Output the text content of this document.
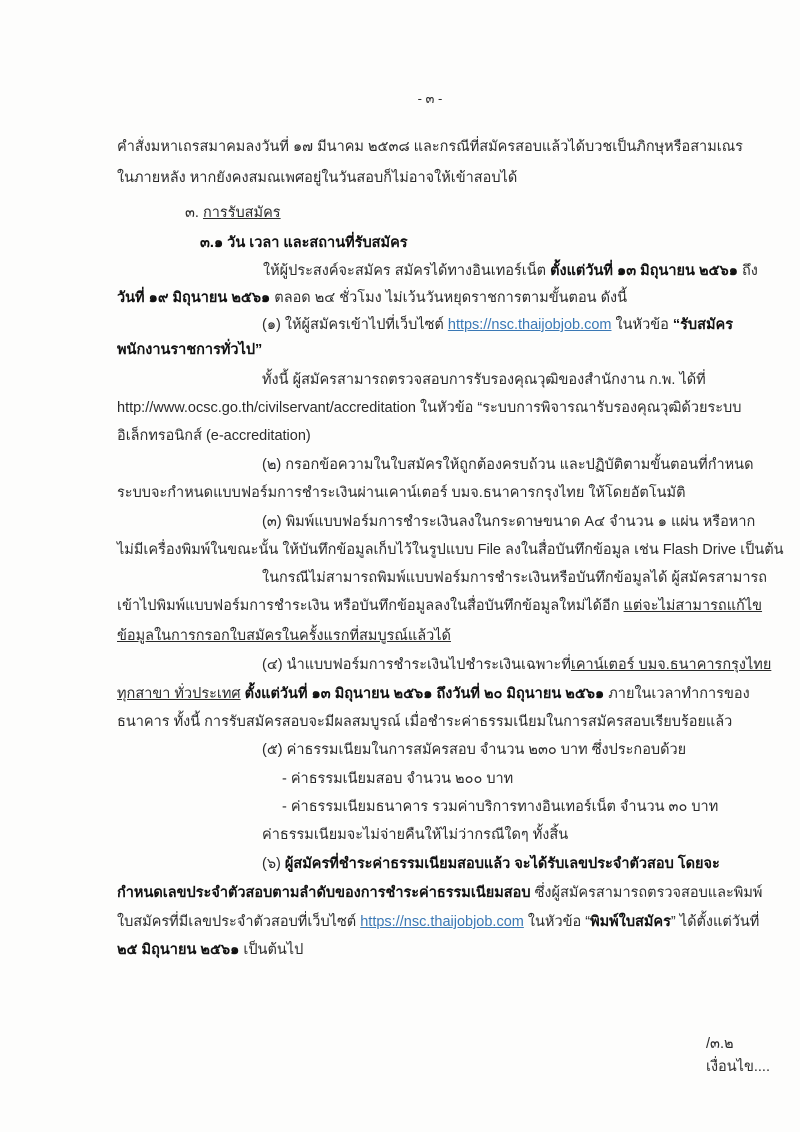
- ๓ -
คำสั่งมหาเถรสมาคมลงวันที่ ๑๗ มีนาคม ๒๕๓๘ และกรณีที่สมัครสอบแล้วได้บวชเป็นภิกษุหรือสามเณร
ในภายหลัง หากยังคงสมณเพศอยู่ในวันสอบก็ไม่อาจให้เข้าสอบได้
๓. การรับสมัคร
๓.๑ วัน เวลา และสถานที่รับสมัคร
ให้ผู้ประสงค์จะสมัคร สมัครได้ทางอินเทอร์เน็ต ตั้งแต่วันที่ ๑๓ มิถุนายน ๒๕๖๑ ถึง
วันที่ ๑๙ มิถุนายน ๒๕๖๑ ตลอด ๒๔ ชั่วโมง ไม่เว้นวันหยุดราชการตามขั้นตอน ดังนี้
(๑) ให้ผู้สมัครเข้าไปที่เว็บไซต์ https://nsc.thaijobjob.com ในหัวข้อ “รับสมัคร
พนักงานราชการทั่วไป”
ทั้งนี้ ผู้สมัครสามารถตรวจสอบการรับรองคุณวุฒิของสำนักงาน ก.พ. ได้ที่
http://www.ocsc.go.th/civilservant/accreditation ในหัวข้อ “ระบบการพิจารณารับรองคุณวุฒิด้วยระบบ
อิเล็กทรอนิกส์ (e-accreditation)
(๒) กรอกข้อความในใบสมัครให้ถูกต้องครบถ้วน และปฏิบัติตามขั้นตอนที่กำหนด
ระบบจะกำหนดแบบฟอร์มการชำระเงินผ่านเคาน์เตอร์ บมจ.ธนาคารกรุงไทย ให้โดยอัตโนมัติ
(๓) พิมพ์แบบฟอร์มการชำระเงินลงในกระดาษขนาด A๔ จำนวน ๑ แผ่น หรือหาก
ไม่มีเครื่องพิมพ์ในขณะนั้น ให้บันทึกข้อมูลเก็บไว้ในรูปแบบ File ลงในสื่อบันทึกข้อมูล เช่น Flash Drive เป็นต้น
ในกรณีไม่สามารถพิมพ์แบบฟอร์มการชำระเงินหรือบันทึกข้อมูลได้ ผู้สมัครสามารถ
เข้าไปพิมพ์แบบฟอร์มการชำระเงิน หรือบันทึกข้อมูลลงในสื่อบันทึกข้อมูลใหม่ได้อีก แต่จะไม่สามารถแก้ไข
ข้อมูลในการกรอกใบสมัครในครั้งแรกที่สมบูรณ์แล้วได้
(๔) นำแบบฟอร์มการชำระเงินไปชำระเงินเฉพาะที่เคาน์เตอร์ บมจ.ธนาคารกรุงไทย
ทุกสาขา ทั่วประเทศ ตั้งแต่วันที่ ๑๓ มิถุนายน ๒๕๖๑ ถึงวันที่ ๒๐ มิถุนายน ๒๕๖๑ ภายในเวลาทำการของ
ธนาคาร ทั้งนี้ การรับสมัครสอบจะมีผลสมบูรณ์ เมื่อชำระค่าธรรมเนียมในการสมัครสอบเรียบร้อยแล้ว
(๕) ค่าธรรมเนียมในการสมัครสอบ จำนวน ๒๓๐ บาท ซึ่งประกอบด้วย
- ค่าธรรมเนียมสอบ จำนวน ๒๐๐ บาท
- ค่าธรรมเนียมธนาคาร รวมค่าบริการทางอินเทอร์เน็ต จำนวน ๓๐ บาท
ค่าธรรมเนียมจะไม่จ่ายคืนให้ไม่ว่ากรณีใดๆ ทั้งสิ้น
(๖) ผู้สมัครที่ชำระค่าธรรมเนียมสอบแล้ว จะได้รับเลขประจำตัวสอบ โดยจะ
กำหนดเลขประจำตัวสอบตามลำดับของการชำระค่าธรรมเนียมสอบ ซึ่งผู้สมัครสามารถตรวจสอบและพิมพ์
ใบสมัครที่มีเลขประจำตัวสอบที่เว็บไซต์ https://nsc.thaijobjob.com ในหัวข้อ “พิมพ์ใบสมัคร” ได้ตั้งแต่วันที่
๒๕ มิถุนายน ๒๕๖๑ เป็นต้นไป
/๓.๒ เงื่อนไข....
